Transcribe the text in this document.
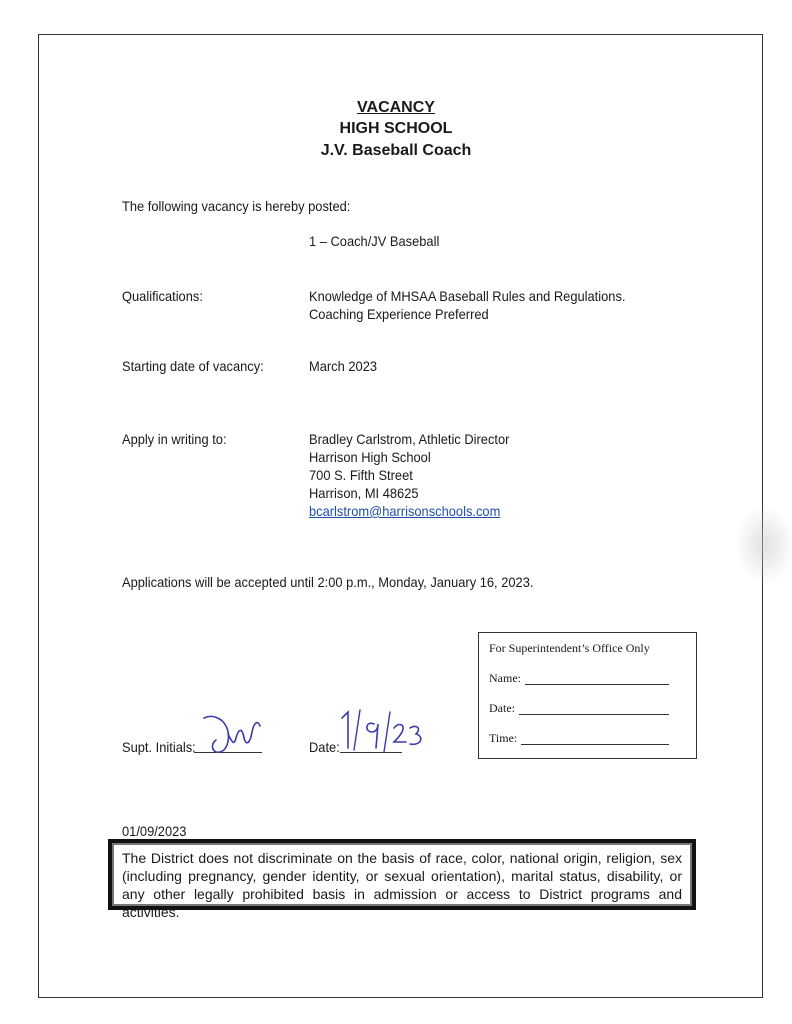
VACANCY
HIGH SCHOOL
J.V. Baseball Coach
The following vacancy is hereby posted:
1 – Coach/JV Baseball
Qualifications:	Knowledge of MHSAA Baseball Rules and Regulations.
Coaching Experience Preferred
Starting date of vacancy:	March 2023
Apply in writing to:	Bradley Carlstrom, Athletic Director
Harrison High School
700 S. Fifth Street
Harrison, MI 48625
bcarlstrom@harrisonschools.com
Applications will be accepted until 2:00 p.m., Monday, January 16, 2023.
Supt. Initials:	Date:
For Superintendent’s Office Only
Name:
Date:
Time:
01/09/2023
The District does not discriminate on the basis of race, color, national origin, religion, sex (including pregnancy, gender identity, or sexual orientation), marital status, disability, or any other legally prohibited basis in admission or access to District programs and activities.
